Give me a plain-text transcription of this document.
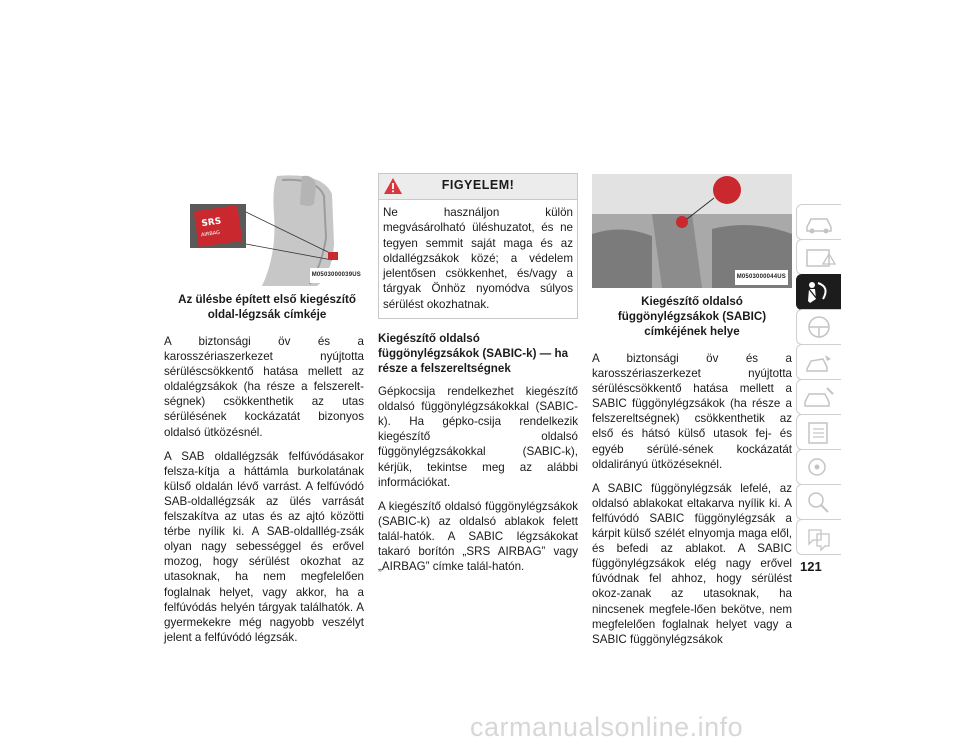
SRS
AIRBAG
M0503000039US
Az ülésbe épített első kiegészítő oldal-légzsák címkéje

A biztonsági öv és a karosszériaszerkezet nyújtotta sérüléscsökkentő hatása mellett az oldalégzsákok (ha része a felszerelt-ségnek) csökkenthetik az utas sérülésének kockázatát bizonyos oldalsó ütközésnél.

A SAB oldallégzsák felfúvódásakor felsza-kítja a háttámla burkolatának külső oldalán lévő varrást. A felfúvódó SAB-oldallégzsák az ülés varrását felszakítva az utas és az ajtó közötti térbe nyílik ki. A SAB-oldalllég-zsák olyan nagy sebességgel és erővel mozog, hogy sérülést okozhat az utasoknak, ha nem megfelelően foglalnak helyet, vagy akkor, ha a felfúvódás helyén tárgyak találhatók. A gyermekekre még nagyobb veszélyt jelent a felfúvódó légzsák.

FIGYELEM!
Ne használjon külön megvásárolható üléshuzatot, és ne tegyen semmit saját maga és az oldallégzsákok közé; a védelem jelentősen csökkenhet, és/vagy a tárgyak Önhöz nyomódva súlyos sérülést okozhatnak.
Kiegészítő oldalsó függönylégzsákok (SABIC-k) — ha része a felszereltségnek

Gépkocsija rendelkezhet kiegészítő oldalsó függönylégzsákokkal (SABIC-k). Ha gépko-csija rendelkezik kiegészítő oldalsó függönylégzsákokkal (SABIC-k), kérjük, tekintse meg az alábbi információkat.

A kiegészítő oldalsó függönylégzsákok (SABIC-k) az oldalsó ablakok felett talál-hatók. A SABIC légzsákokat takaró borítón „SRS AIRBAG” vagy „AIRBAG” címke talál-hatón.

M0503000044US
Kiegészítő oldalsó függönylégzsákok (SABIC) címkéjének helye

A biztonsági öv és a karosszériaszerkezet nyújtotta sérüléscsökkentő hatása mellett a SABIC függönylégzsákok (ha része a felszereltségnek) csökkenthetik az első és hátsó külső utasok fej- és egyéb sérülé-sének kockázatát oldalirányú ütközéseknél.

A SABIC függönylégzsák lefelé, az oldalsó ablakokat eltakarva nyílik ki. A felfúvódó SABIC függönylégzsák a kárpit külső szélét elnyomja maga elől, és befedi az ablakot. A SABIC függönylégzsákok elég nagy erővel fúvódnak fel ahhoz, hogy sérülést okoz-zanak az utasoknak, ha nincsenek megfele-lően bekötve, nem megfelelően foglalnak helyet vagy a SABIC függönylégzsákok

121
carmanualsonline.info
